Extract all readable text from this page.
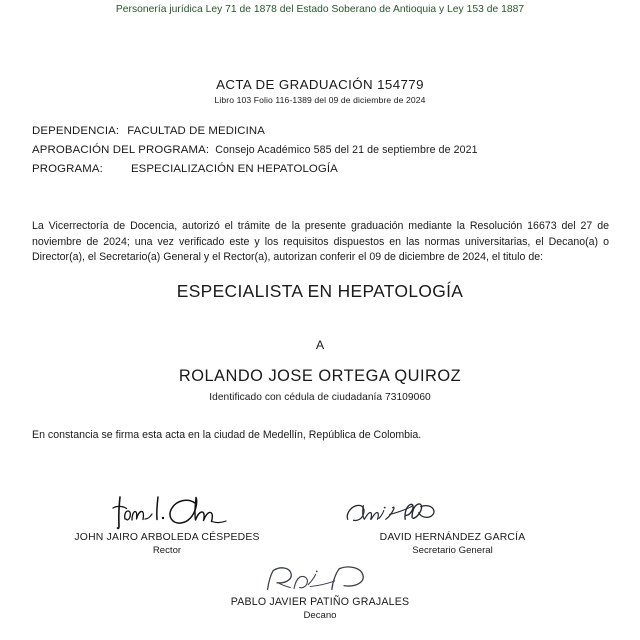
Personería jurídica Ley 71 de 1878 del Estado Soberano de Antioquia y Ley 153 de 1887
ACTA DE GRADUACIÓN 154779
Libro 103 Folio 116-1389 del 09 de diciembre de 2024
DEPENDENCIA: FACULTAD DE MEDICINA
APROBACIÓN DEL PROGRAMA: Consejo Académico 585 del 21 de septiembre de 2021
PROGRAMA: ESPECIALIZACIÓN EN HEPATOLOGÍA
La Vicerrectoría de Docencia, autorizó el trámite de la presente graduación mediante la Resolución 16673 del 27 de noviembre de 2024; una vez verificado este y los requisitos dispuestos en las normas universitarias, el Decano(a) o Director(a), el Secretario(a) General y el Rector(a), autorizan conferir el 09 de diciembre de 2024, el titulo de:
ESPECIALISTA EN HEPATOLOGÍA
A
ROLANDO JOSE ORTEGA QUIROZ
Identificado con cédula de ciudadanía 73109060
En constancia se firma esta acta en la ciudad de Medellín, República de Colombia.
JOHN JAIRO ARBOLEDA CÉSPEDES
Rector
DAVID HERNÁNDEZ GARCÍA
Secretario General
PABLO JAVIER PATIÑO GRAJALES
Decano
